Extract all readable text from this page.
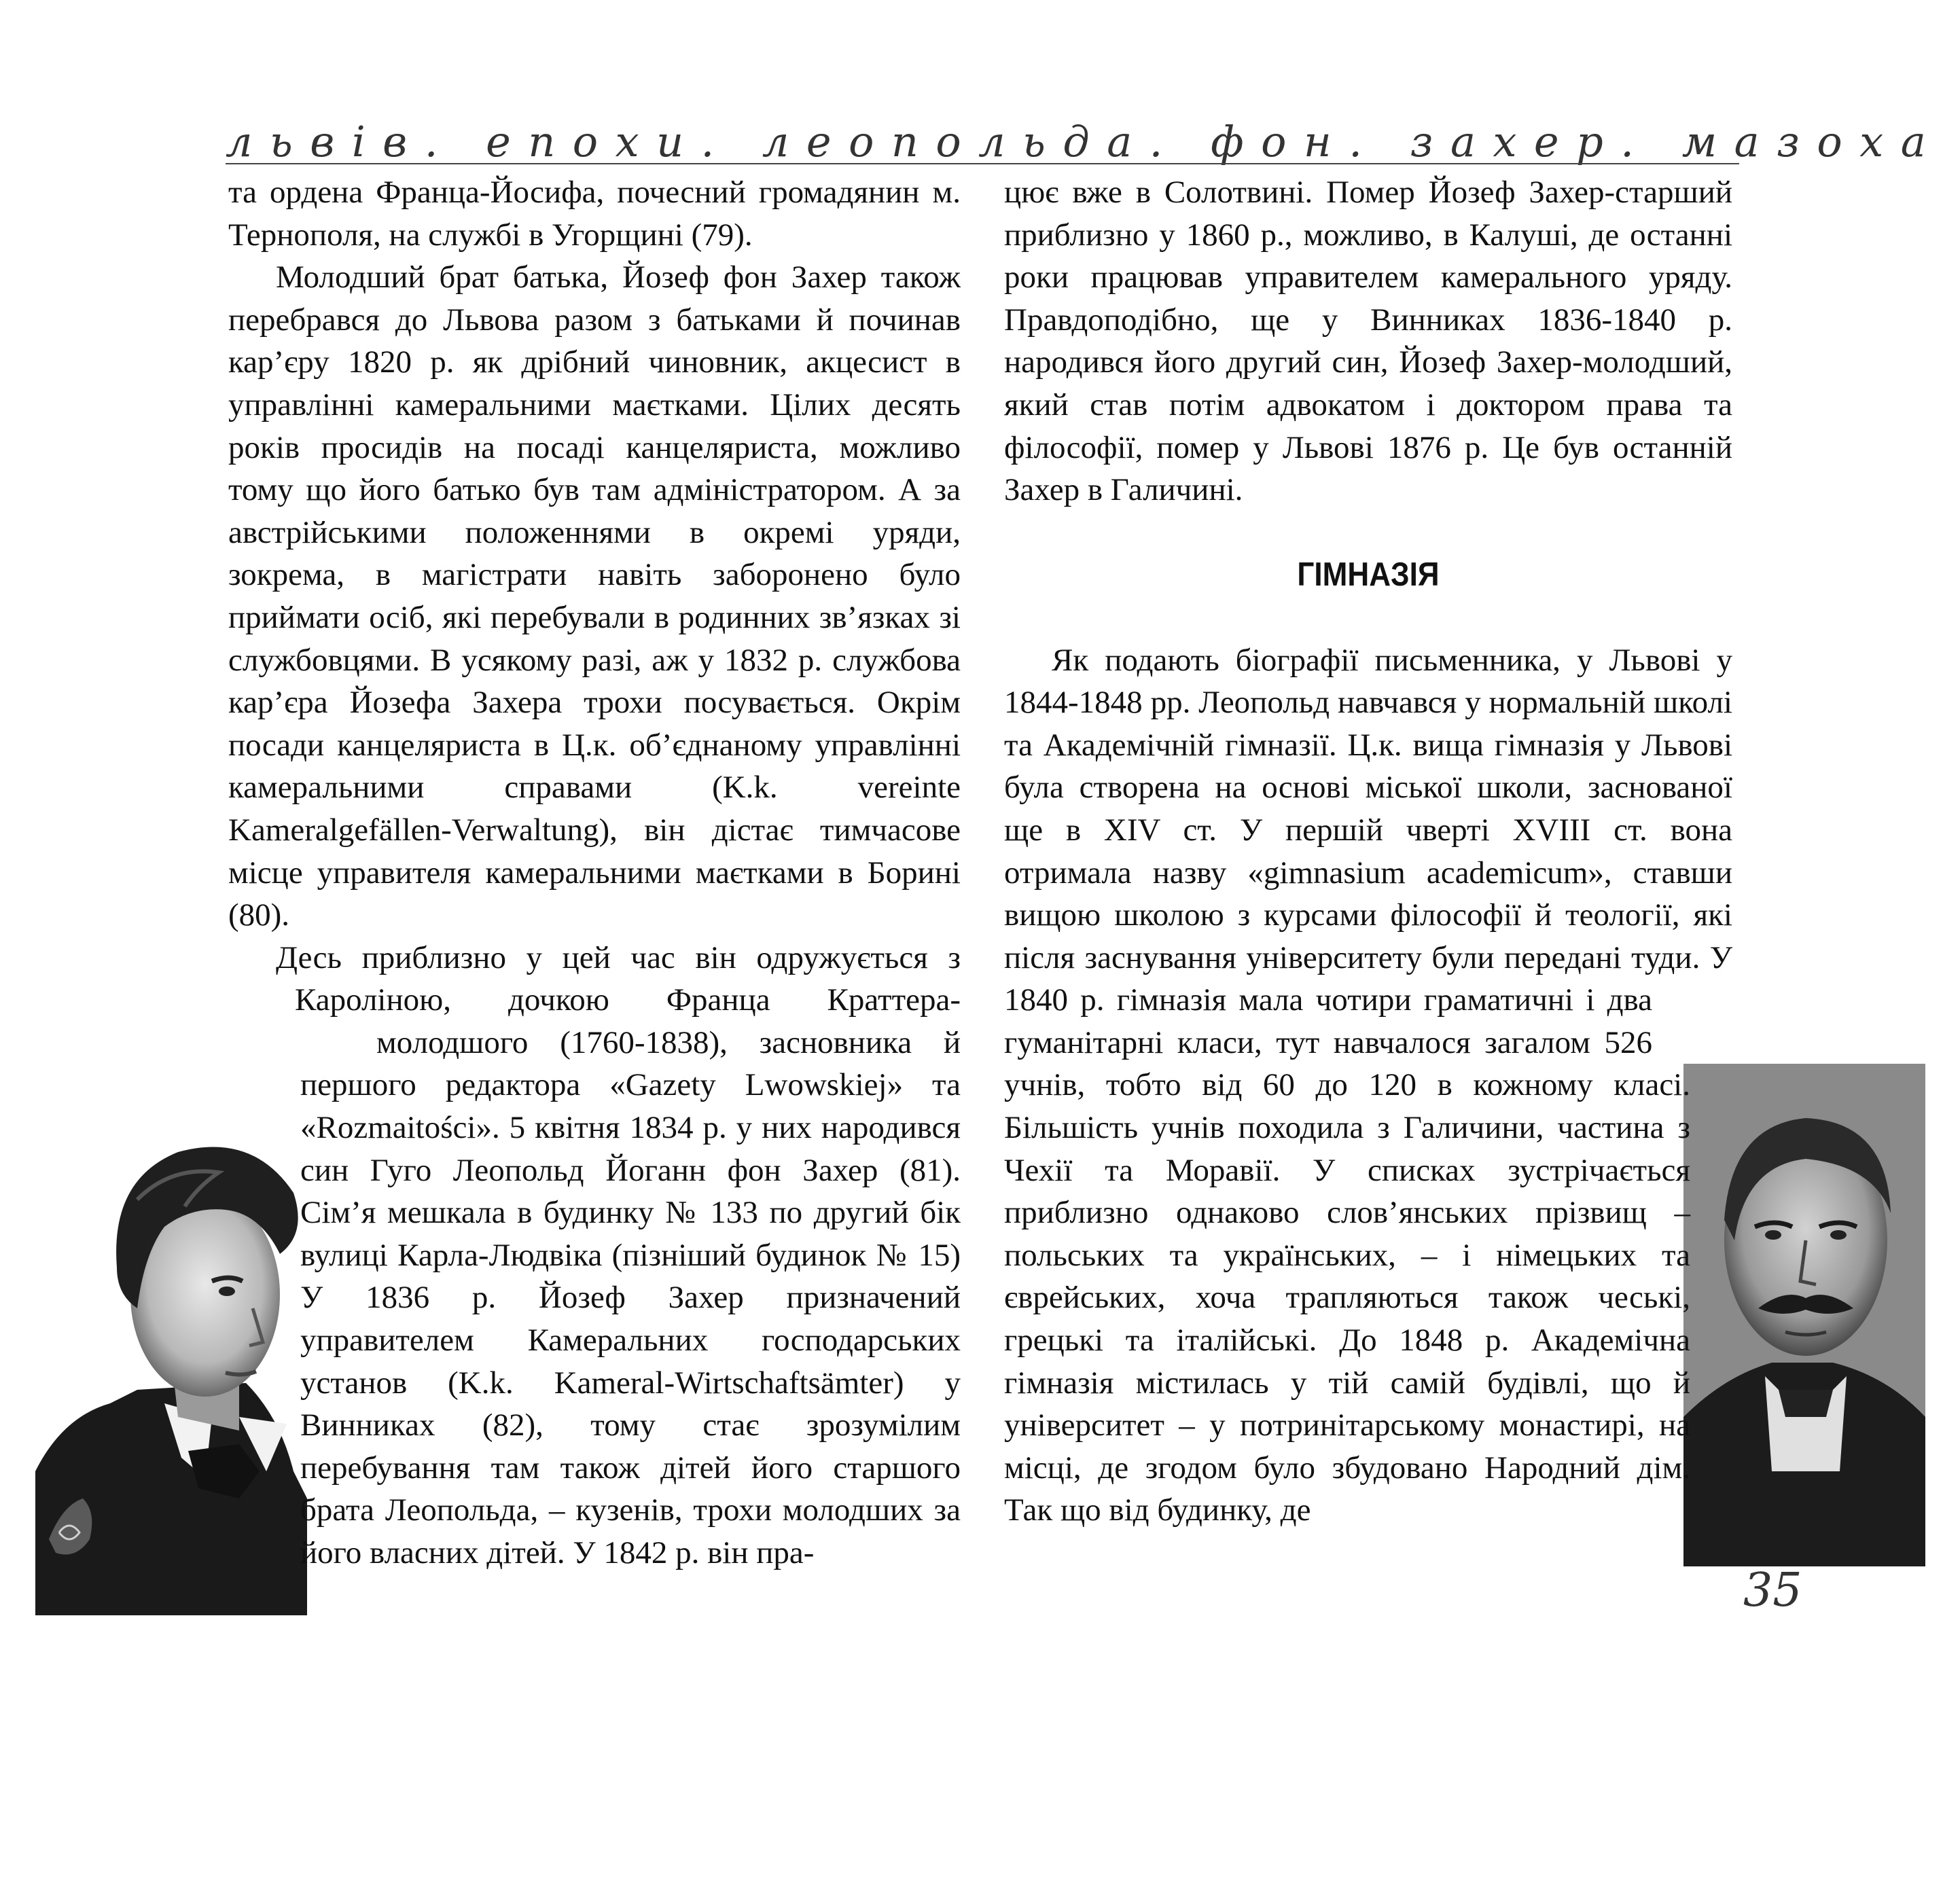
львів. епохи. леопольда. фон. захер. мазоха

та ордена Франца-Йосифа, почесний громадянин м. Тернополя, на службі в Угорщині (79).

Молодший брат батька, Йозеф фон Захер також перебрався до Львова разом з батьками й починав кар’єру 1820 р. як дрібний чиновник, акцесист в управлінні камеральними маєтками. Цілих десять років просидів на посаді канцеляриста, можливо тому що його батько був там адміністратором. А за австрійськими положеннями в окремі уряди, зокрема, в магістрати навіть заборонено було приймати осіб, які перебували в родинних зв’язках зі службовцями. В усякому разі, аж у 1832 р. службова кар’єра Йозефа Захера трохи посувається. Окрім посади канцеляриста в Ц.к. об’єднаному управлінні камеральними справами (K.k. vereinte Kameralgefällen-Verwaltung), він дістає тимчасове місце управителя камеральними маєтками в Борині (80).

Десь приблизно у цей час він одружується з Кароліною, дочкою Франца Краттера-молодшого (1760-1838), засновника й першого редактора «Gazety Lwowskiej» та «Rozmaitości». 5 квітня 1834 р. у них народився син Гуго Леопольд Йоганн фон Захер (81). Сім’я мешкала в будинку № 133 по другий бік вулиці Карла-Людвіка (пізніший будинок № 15) У 1836 р. Йозеф Захер призначений управителем Камеральних господарських установ (K.k. Kameral-Wirtschaftsämter) у Винниках (82), тому стає зрозумілим перебування там також дітей його старшого брата Леопольда, – кузенів, трохи молодших за його власних дітей. У 1842 р. він пра-

цює вже в Солотвині. Помер Йозеф Захер-старший приблизно у 1860 р., можливо, в Калуші, де останні роки працював управителем камерального уряду. Правдоподібно, ще у Винниках 1836-1840 р. народився його другий син, Йозеф Захер-молодший, який став потім адвокатом і доктором права та філософії, помер у Львові 1876 р. Це був останній Захер в Галичині.

ГІМНАЗІЯ

Як подають біографії письменника, у Львові у 1844-1848 рр. Леопольд навчався у нормальній школі та Академічній гімназії. Ц.к. вища гімназія у Львові була створена на основі міської школи, заснованої ще в XIV ст. У першій чверті XVIII ст. вона отримала назву «gimnasium academicum», ставши вищою школою з курсами філософії й теології, які після заснування університету були передані туди. У 1840 р. гімназія мала чотири граматичні і два гуманітарні класи, тут навчалося загалом 526 учнів, тобто від 60 до 120 в кожному класі. Більшість учнів походила з Галичини, частина з Чехії та Моравії. У списках зустрічається приблизно однаково слов’янських прізвищ – польських та українських, – і німецьких та єврейських, хоча трапляються також чеські, грецькі та італійські. До 1848 р. Академічна гімназія містилась у тій самій будівлі, що й університет – у потринітарському монастирі, на місці, де згодом було збудовано Народний дім. Так що від будинку, де

35
